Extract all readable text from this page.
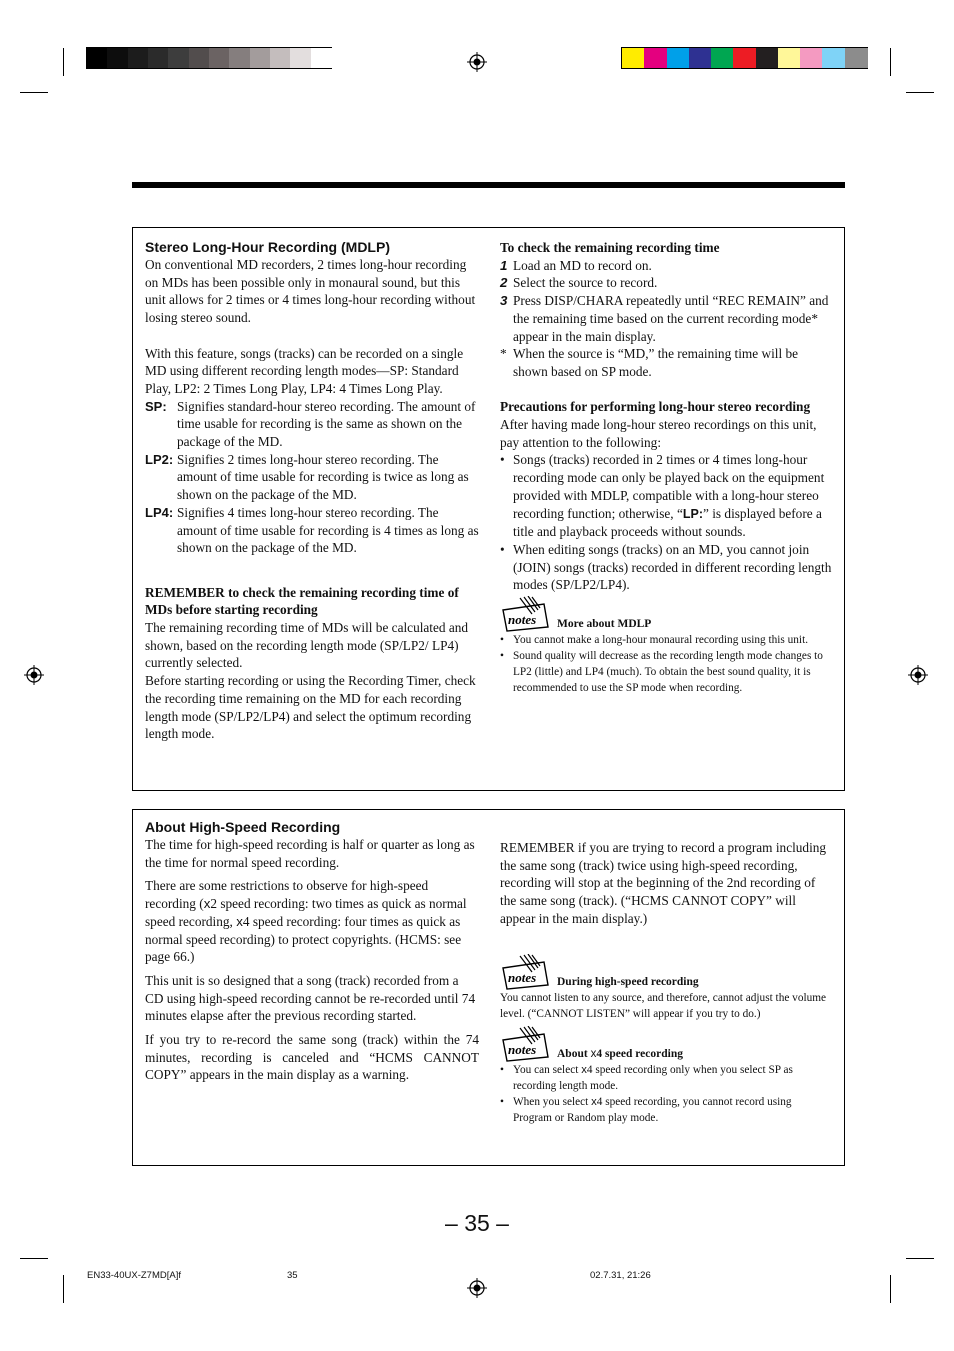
Stereo Long-Hour Recording (MDLP)

On conventional MD recorders, 2 times long-hour recording on MDs has been possible only in monaural sound, but this unit allows for 2 times or 4 times long-hour recording without losing stereo sound.

With this feature, songs (tracks) can be recorded on a single MD using different recording length modes—SP: Standard Play, LP2: 2 Times Long Play, LP4: 4 Times Long Play.

SP: Signifies standard-hour stereo recording. The amount of time usable for recording is the same as shown on the package of the MD.
LP2: Signifies 2 times long-hour stereo recording. The amount of time usable for recording is twice as long as shown on the package of the MD.
LP4: Signifies 4 times long-hour stereo recording. The amount of time usable for recording is 4 times as long as shown on the package of the MD.

REMEMBER to check the remaining recording time of MDs before starting recording

The remaining recording time of MDs will be calculated and shown, based on the recording length mode (SP/LP2/ LP4) currently selected.

Before starting recording or using the Recording Timer, check the recording time remaining on the MD for each recording length mode (SP/LP2/LP4) and select the optimum recording length mode.

To check the remaining recording time

1 Load an MD to record on.
2 Select the source to record.
3 Press DISP/CHARA repeatedly until “REC REMAIN” and the remaining time based on the current recording mode* appear in the main display.
* When the source is “MD,” the remaining time will be shown based on SP mode.

Precautions for performing long-hour stereo recording

After having made long-hour stereo recordings on this unit, pay attention to the following:

• Songs (tracks) recorded in 2 times or 4 times long-hour recording mode can only be played back on the equipment provided with MDLP, compatible with a long-hour stereo recording function; otherwise, “LP:” is displayed before a title and playback proceeds without sounds.
• When editing songs (tracks) on an MD, you cannot join (JOIN) songs (tracks) recorded in different recording length modes (SP/LP2/LP4).
notes More about MDLP
• You cannot make a long-hour monaural recording using this unit.
• Sound quality will decrease as the recording length mode changes to LP2 (little) and LP4 (much). To obtain the best sound quality, it is recommended to use the SP mode when recording.

About High-Speed Recording

The time for high-speed recording is half or quarter as long as the time for normal speed recording.

There are some restrictions to observe for high-speed recording (x2 speed recording: two times as quick as normal speed recording, x4 speed recording: four times as quick as normal speed recording) to protect copyrights. (HCMS: see page 66.)

This unit is so designed that a song (track) recorded from a CD using high-speed recording cannot be re-recorded until 74 minutes elapse after the previous recording started.

If you try to re-record the same song (track) within the 74 minutes, recording is canceled and “HCMS CANNOT COPY” appears in the main display as a warning.

REMEMBER if you are trying to record a program including the same song (track) twice using high-speed recording, recording will stop at the beginning of the 2nd recording of the same song (track). (“HCMS CANNOT COPY” will appear in the main display.)

notes During high-speed recording

You cannot listen to any source, and therefore, cannot adjust the volume level. (“CANNOT LISTEN” will appear if you try to do.)

notes About x4 speed recording
• You can select x4 speed recording only when you select SP as recording length mode.
• When you select x4 speed recording, you cannot record using Program or Random play mode.
– 35 –
EN33-40UX-Z7MD[A]f	35	02.7.31, 21:26
